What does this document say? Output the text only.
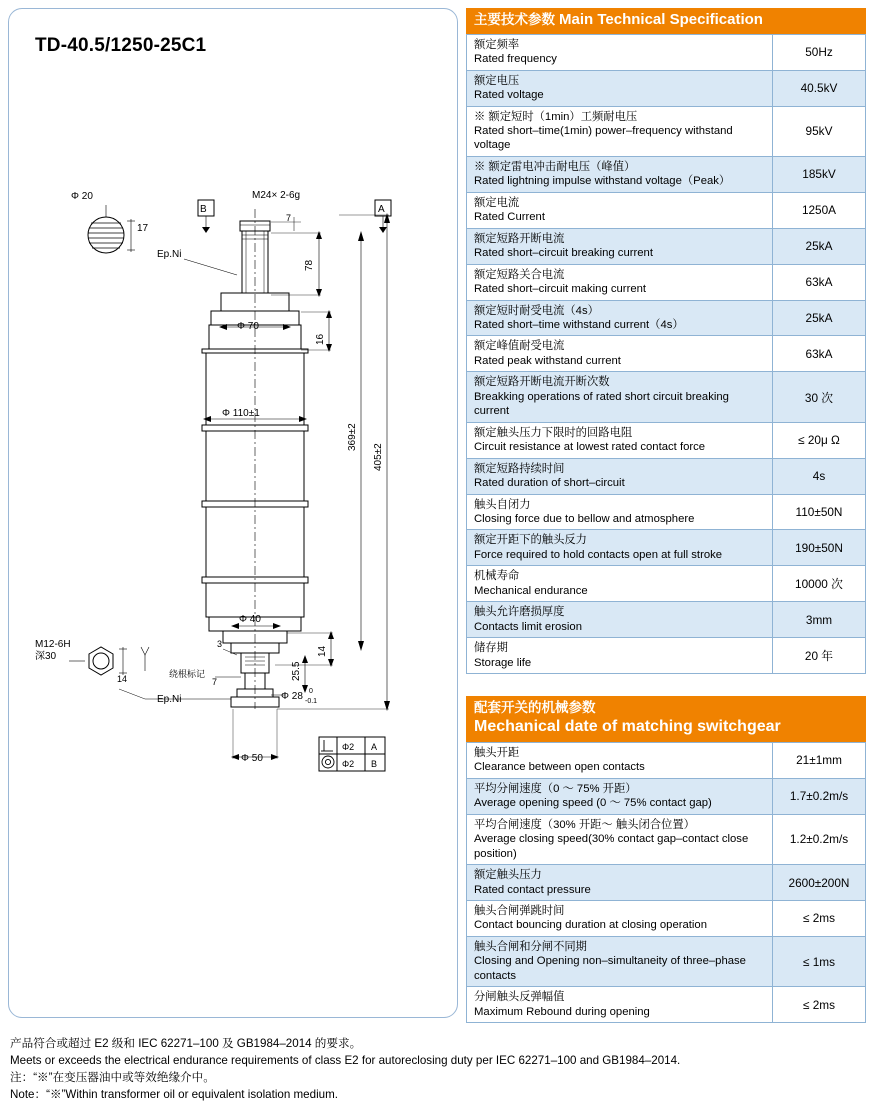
TD-40.5/1250-25C1
Φ 20
17
Ep.Ni
B	A
M24× 2-6g
7
78
Φ 70
16
Φ 110±1
369±2
405±2
Φ 40
14
3
25.5
M12-6H
深30
14	绕根标记
7
Ep.Ni	Φ 28 0
-0.1
Φ 50
Φ2 A
Φ2 B
主要技术参数 Main Technical Specification
额定频率
Rated frequency	50Hz

额定电压
Rated voltage	40.5kV

※ 额定短时（1min）工频耐电压
Rated short–time(1min) power–frequency withstand voltage	95kV

※ 额定雷电冲击耐电压（峰值）
Rated lightning impulse withstand voltage（Peak）	185kV

额定电流
Rated Current	1250A

额定短路开断电流
Rated short–circuit breaking current	25kA

额定短路关合电流
Rated short–circuit making current	63kA

额定短时耐受电流（4s）
Rated short–time withstand current（4s）	25kA

额定峰值耐受电流
Rated peak withstand current	63kA

额定短路开断电流开断次数
Breakking operations of rated short circuit breaking current	30 次

额定触头压力下限时的回路电阻
Circuit resistance at lowest rated contact force	≤ 20μ Ω

额定短路持续时间
Rated duration of short–circuit	4s

触头自闭力
Closing force due to bellow and atmosphere	110±50N

额定开距下的触头反力
Force required to hold contacts open at full stroke	190±50N

机械寿命
Mechanical endurance	10000 次

触头允许磨损厚度
Contacts limit erosion	3mm

储存期
Storage life	20 年
配套开关的机械参数
Mechanical date of matching switchgear
触头开距
Clearance between open contacts	21±1mm

平均分闸速度（0 ～ 75% 开距）
Average opening speed (0 ～ 75% contact gap)	1.7±0.2m/s

平均合闸速度（30% 开距～ 触头闭合位置）
Average closing speed(30% contact gap–contact close position)	1.2±0.2m/s

额定触头压力
Rated contact pressure	2600±200N

触头合闸弹跳时间
Contact bouncing duration at closing operation	≤ 2ms

触头合闸和分闸不同期
Closing and Opening non–simultaneity of three–phase contacts	≤ 1ms

分闸触头反弹幅值
Maximum Rebound during opening	≤ 2ms
产品符合或超过 E2 级和 IEC 62271–100 及 GB1984–2014 的要求。
Meets or exceeds the electrical endurance requirements of class E2 for autoreclosing duty per IEC 62271–100 and GB1984–2014.
注：“※”在变压器油中或等效绝缘介中。
Note：“※”Within transformer oil or equivalent isolation medium.
